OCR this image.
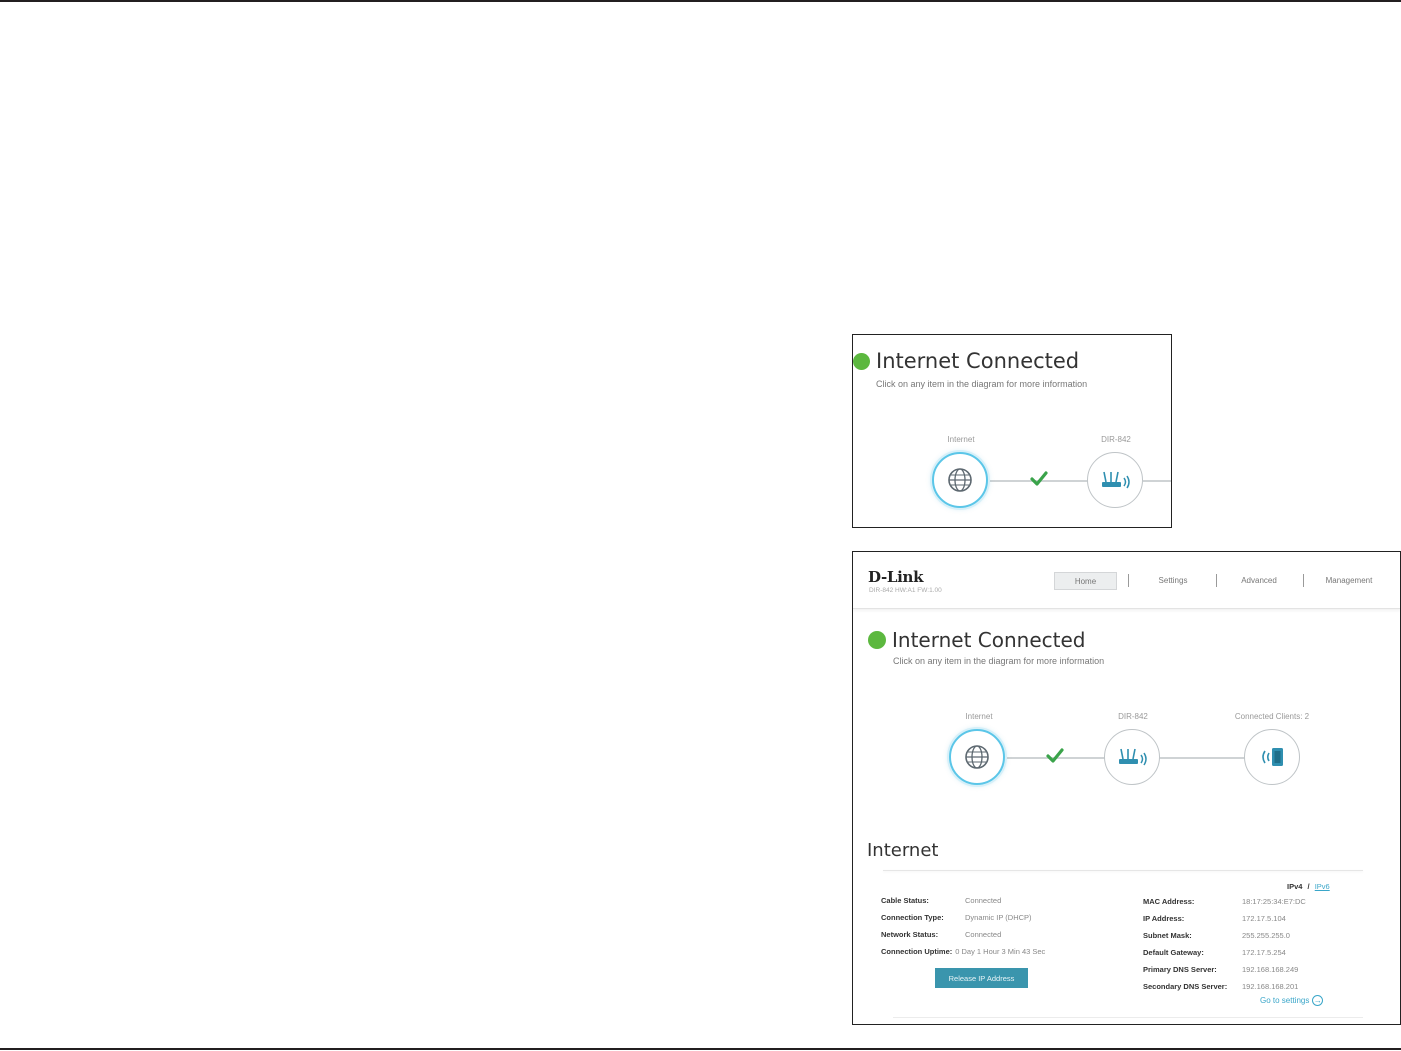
Internet Connected
Click on any item in the diagram for more information
Internet	DIR-842
D-Link
DIR-842 HW:A1 FW:1.00
Home	Settings	Advanced	Management
Internet Connected
Click on any item in the diagram for more information
Internet	DIR-842	Connected Clients: 2
Internet
IPv4 / IPv6
Cable Status:	Connected
Connection Type:	Dynamic IP (DHCP)
Network Status:	Connected
Connection Uptime: 0 Day 1 Hour 3 Min 43 Sec
Release IP Address
MAC Address:	18:17:25:34:E7:DC
IP Address:	172.17.5.104
Subnet Mask:	255.255.255.0
Default Gateway:	172.17.5.254
Primary DNS Server:	192.168.168.249
Secondary DNS Server: 192.168.168.201
Go to settings →
